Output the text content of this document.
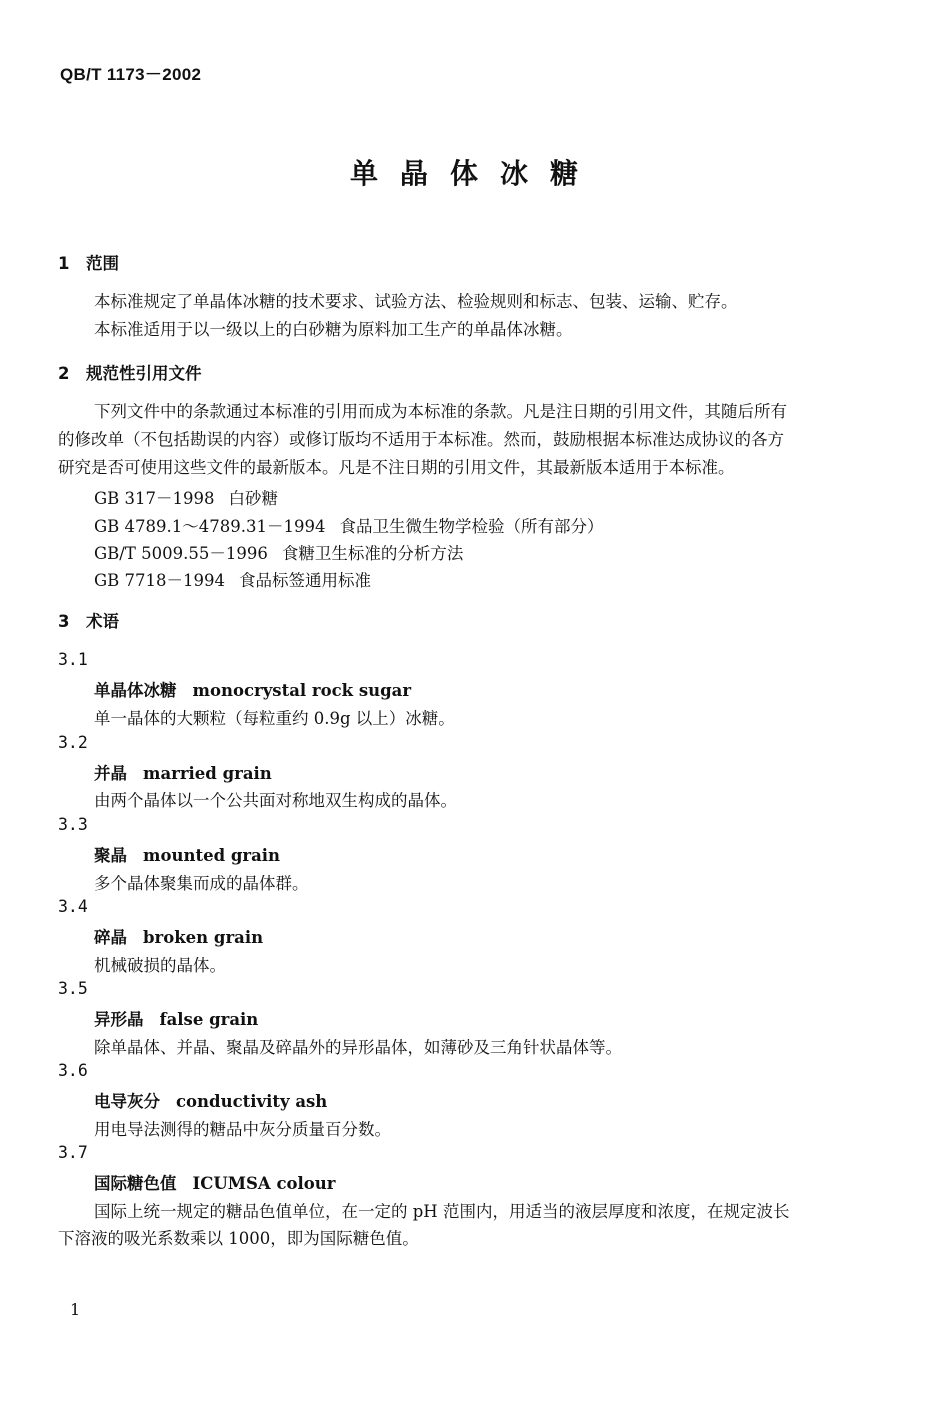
QB/T 1173－2002
单晶体冰糖
1 范围
本标准规定了单晶体冰糖的技术要求、试验方法、检验规则和标志、包装、运输、贮存。
本标准适用于以一级以上的白砂糖为原料加工生产的单晶体冰糖。
2 规范性引用文件
下列文件中的条款通过本标准的引用而成为本标准的条款。凡是注日期的引用文件，其随后所有
的修改单（不包括勘误的内容）或修订版均不适用于本标准。然而，鼓励根据本标准达成协议的各方
研究是否可使用这些文件的最新版本。凡是不注日期的引用文件，其最新版本适用于本标准。
GB 317－1998 白砂糖
GB 4789.1～4789.31－1994 食品卫生微生物学检验（所有部分）
GB/T 5009.55－1996 食糖卫生标准的分析方法
GB 7718－1994 食品标签通用标准
3 术语
3.1
单晶体冰糖 monocrystal rock sugar
单一晶体的大颗粒（每粒重约 0.9g 以上）冰糖。
3.2
并晶 married grain
由两个晶体以一个公共面对称地双生构成的晶体。
3.3
聚晶 mounted grain
多个晶体聚集而成的晶体群。
3.4
碎晶 broken grain
机械破损的晶体。
3.5
异形晶 false grain
除单晶体、并晶、聚晶及碎晶外的异形晶体，如薄砂及三角针状晶体等。
3.6
电导灰分 conductivity ash
用电导法测得的糖品中灰分质量百分数。
3.7
国际糖色值 ICUMSA colour
国际上统一规定的糖品色值单位，在一定的 pH 范围内，用适当的液层厚度和浓度，在规定波长
下溶液的吸光系数乘以 1000，即为国际糖色值。
1
